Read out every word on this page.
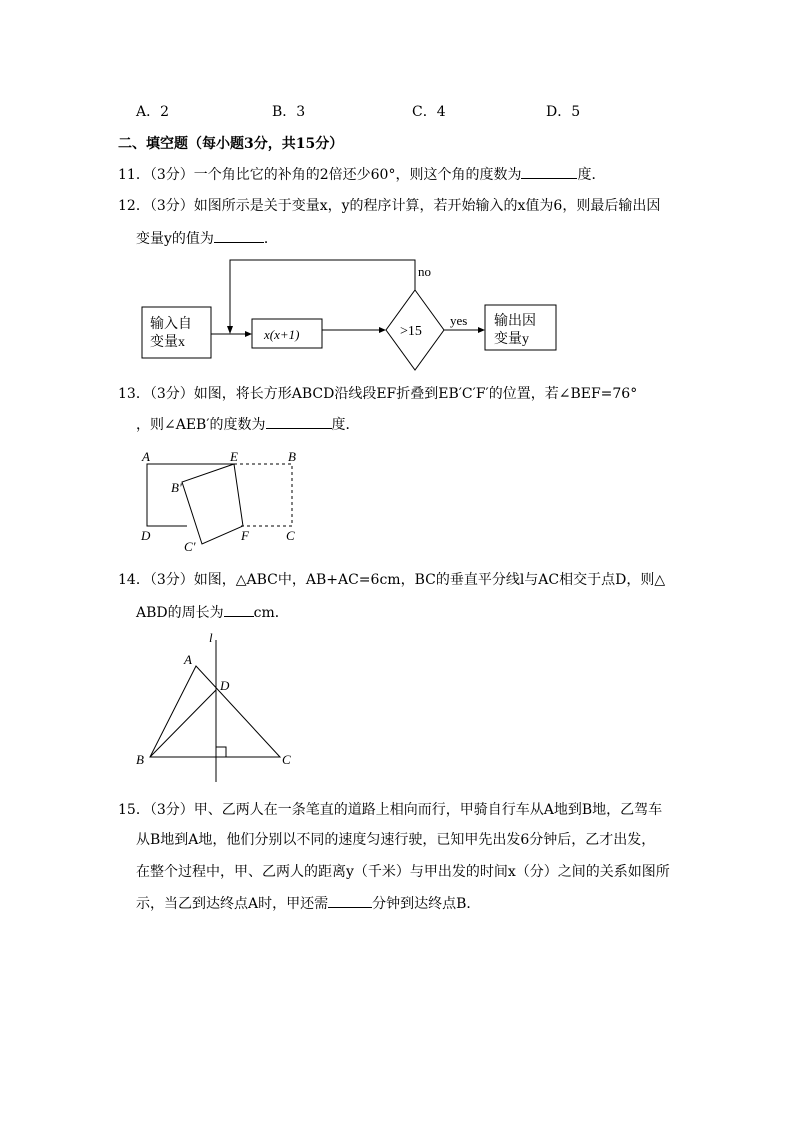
A．2	B．3	C．4	D．5
二、填空题（每小题3分，共15分）
11．（3分）一个角比它的补角的2倍还少60°，则这个角的度数为	度．
12．（3分）如图所示是关于变量x，y的程序计算，若开始输入的x值为6，则最后输出因
变量y的值为	．
输入自
变量x
x(x+1)	>15
no
yes 输出因
变量y
13．（3分）如图，将长方形ABCD沿线段EF折叠到EB′C′F′的位置，若∠BEF=76°
，则∠AEB′的度数为	度．
A	E	B
B'
D
C'
F	C
14．（3分）如图，△ABC中，AB+AC=6cm，BC的垂直平分线l与AC相交于点D，则△
ABD的周长为 cm．
l
A
D
B	C
15．（3分）甲、乙两人在一条笔直的道路上相向而行，甲骑自行车从A地到B地，乙驾车
从B地到A地，他们分别以不同的速度匀速行驶，已知甲先出发6分钟后，乙才出发，
在整个过程中，甲、乙两人的距离y（千米）与甲出发的时间x（分）之间的关系如图所
示，当乙到达终点A时，甲还需	分钟到达终点B．
